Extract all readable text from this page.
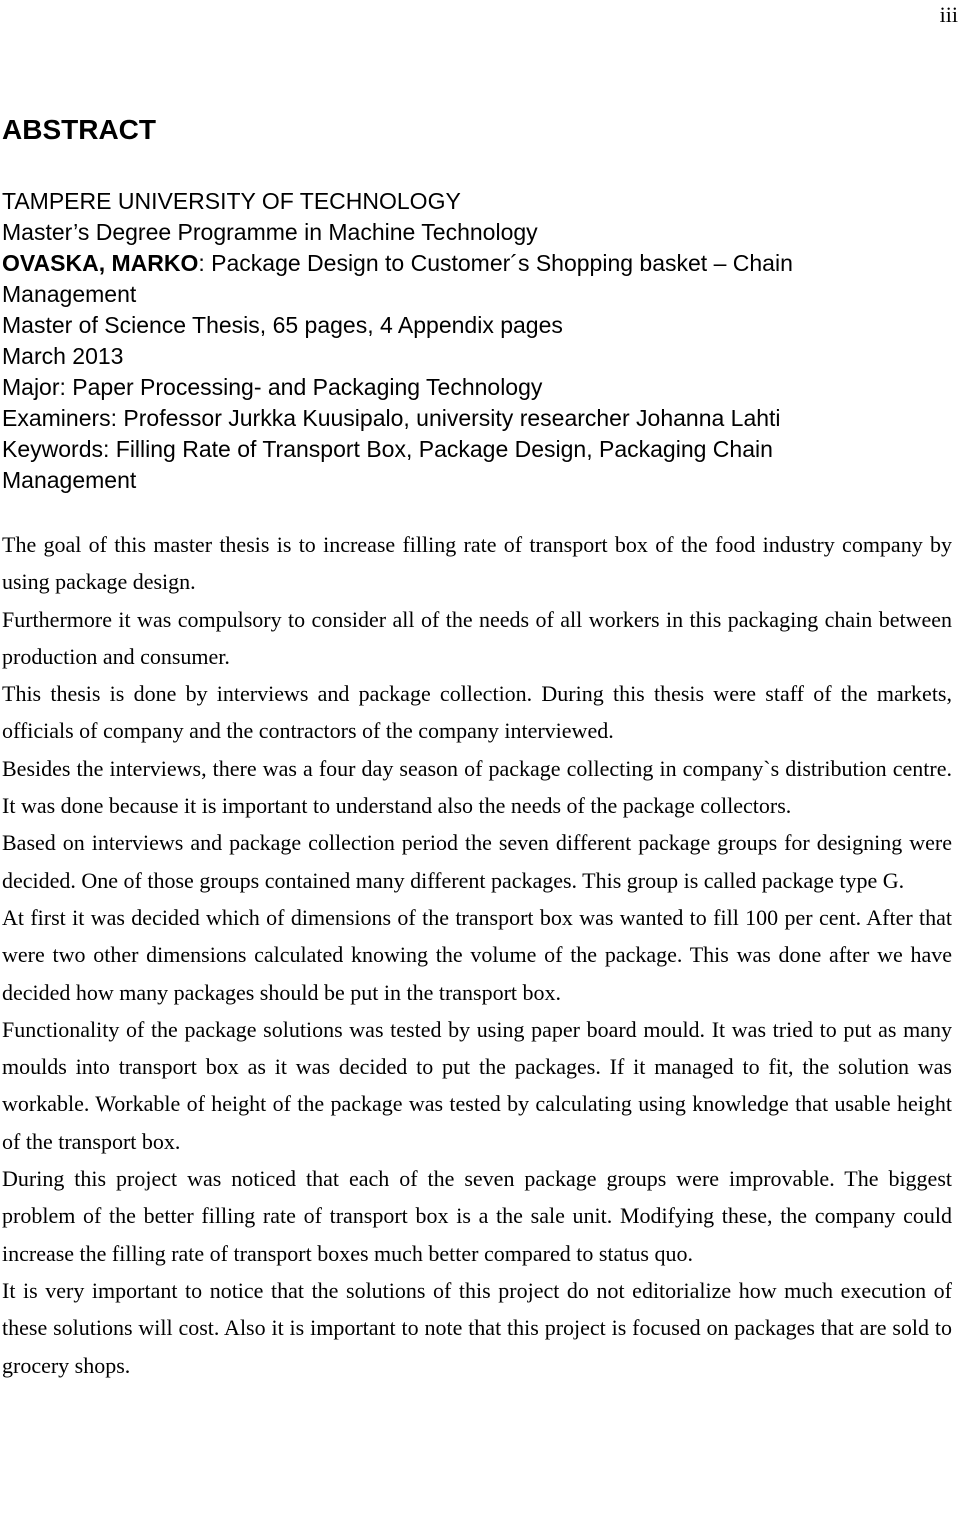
iii
ABSTRACT
TAMPERE UNIVERSITY OF TECHNOLOGY
Master’s Degree Programme in Machine Technology
OVASKA, MARKO: Package Design to Customer´s Shopping basket – Chain
Management
Master of Science Thesis, 65 pages, 4 Appendix pages
March 2013
Major: Paper Processing- and Packaging Technology
Examiners: Professor Jurkka Kuusipalo, university researcher Johanna Lahti
Keywords: Filling Rate of Transport Box, Package Design, Packaging Chain
Management

The goal of this master thesis is to increase filling rate of transport box of the food industry company by using package design.

Furthermore it was compulsory to consider all of the needs of all workers in this packaging chain between production and consumer.

This thesis is done by interviews and package collection. During this thesis were staff of the markets, officials of company and the contractors of the company interviewed.

Besides the interviews, there was a four day season of package collecting in company`s distribution centre. It was done because it is important to understand also the needs of the package collectors.

Based on interviews and package collection period the seven different package groups for designing were decided. One of those groups contained many different packages. This group is called package type G.

At first it was decided which of dimensions of the transport box was wanted to fill 100 per cent. After that were two other dimensions calculated knowing the volume of the package. This was done after we have decided how many packages should be put in the transport box.

Functionality of the package solutions was tested by using paper board mould. It was tried to put as many moulds into transport box as it was decided to put the packages. If it managed to fit, the solution was workable. Workable of height of the package was tested by calculating using knowledge that usable height of the transport box.

During this project was noticed that each of the seven package groups were improvable. The biggest problem of the better filling rate of transport box is a the sale unit. Modifying these, the company could increase the filling rate of transport boxes much better compared to status quo.

It is very important to notice that the solutions of this project do not editorialize how much execution of these solutions will cost. Also it is important to note that this project is focused on packages that are sold to grocery shops.
